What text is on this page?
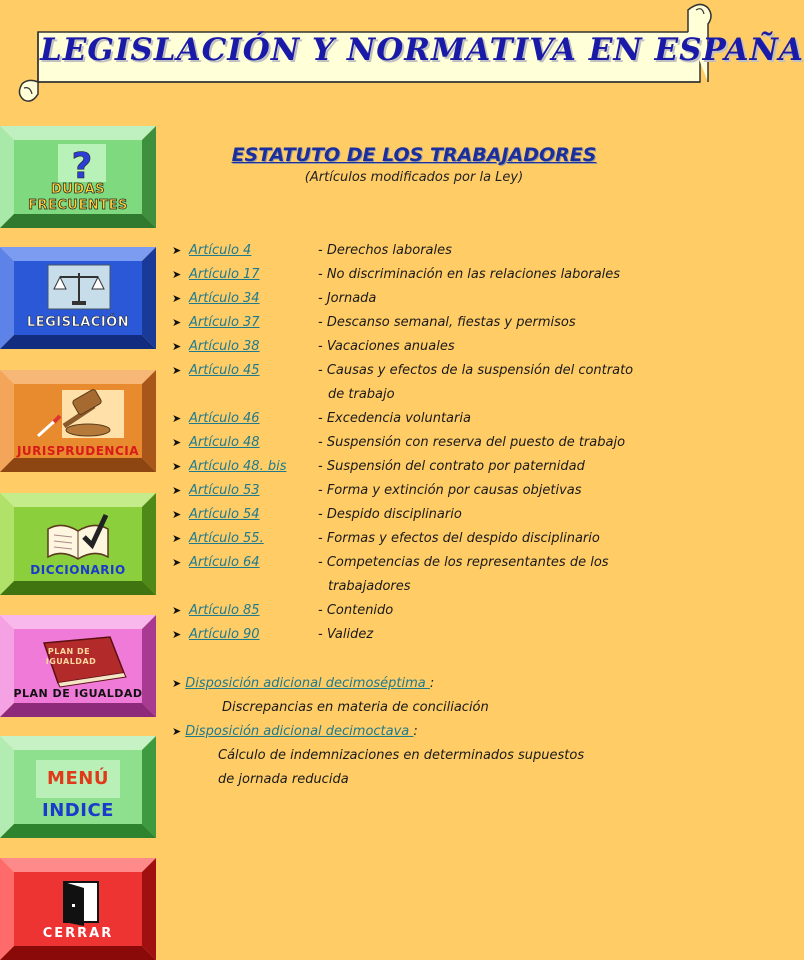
LEGISLACIÓN Y NORMATIVA EN ESPAÑA
?
DUDAS
FRECUENTES
LEGISLACIÓN
JURISPRUDENCIA
DICCIONARIO
PLAN DE
IGUALDAD
PLAN DE IGUALDAD
MENÚ
INDICE
CERRAR
ESTATUTO DE LOS TRABAJADORES
(Artículos modificados por la Ley)
➤ Artículo 4	- Derechos laborales
➤ Artículo 17	- No discriminación en las relaciones laborales
➤ Artículo 34	- Jornada
➤ Artículo 37	- Descanso semanal, fiestas y permisos
➤ Artículo 38	- Vacaciones anuales
➤ Artículo 45	- Causas y efectos de la suspensión del contrato
de trabajo
➤ Artículo 46	- Excedencia voluntaria
➤ Artículo 48	- Suspensión con reserva del puesto de trabajo
➤ Artículo 48. bis - Suspensión del contrato por paternidad
➤ Artículo 53	- Forma y extinción por causas objetivas
➤ Artículo 54	- Despido disciplinario
➤ Artículo 55.	- Formas y efectos del despido disciplinario
➤ Artículo 64	- Competencias de los representantes de los
trabajadores
➤ Artículo 85	- Contenido
➤ Artículo 90	- Validez
➤ Disposición adicional decimoséptima :
Discrepancias en materia de conciliación
➤ Disposición adicional decimoctava :
Cálculo de indemnizaciones en determinados supuestos
de jornada reducida
